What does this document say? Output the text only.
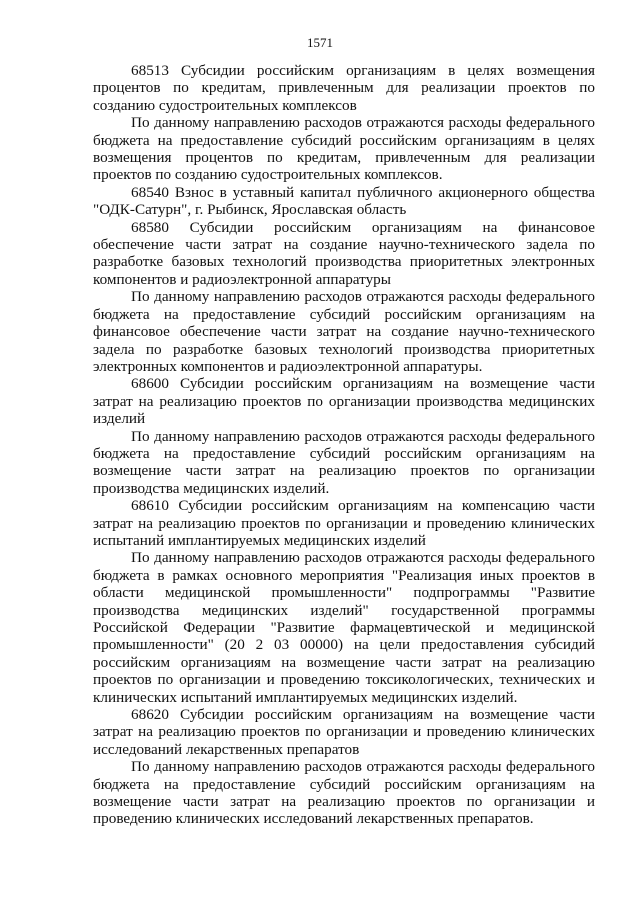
1571

68513 Субсидии российским организациям в целях возмещения процентов по кредитам, привлеченным для реализации проектов по созданию судостроительных комплексов

По данному направлению расходов отражаются расходы федерального бюджета на предоставление субсидий российским организациям в целях возмещения процентов по кредитам, привлеченным для реализации проектов по созданию судостроительных комплексов.

68540 Взнос в уставный капитал публичного акционерного общества "ОДК-Сатурн", г. Рыбинск, Ярославская область

68580 Субсидии российским организациям на финансовое обеспечение части затрат на создание научно-технического задела по разработке базовых технологий производства приоритетных электронных компонентов и радиоэлектронной аппаратуры

По данному направлению расходов отражаются расходы федерального бюджета на предоставление субсидий российским организациям на финансовое обеспечение части затрат на создание научно-технического задела по разработке базовых технологий производства приоритетных электронных компонентов и радиоэлектронной аппаратуры.

68600 Субсидии российским организациям на возмещение части затрат на реализацию проектов по организации производства медицинских изделий

По данному направлению расходов отражаются расходы федерального бюджета на предоставление субсидий российским организациям на возмещение части затрат на реализацию проектов по организации производства медицинских изделий.

68610 Субсидии российским организациям на компенсацию части затрат на реализацию проектов по организации и проведению клинических испытаний имплантируемых медицинских изделий

По данному направлению расходов отражаются расходы федерального бюджета в рамках основного мероприятия "Реализация иных проектов в области медицинской промышленности" подпрограммы "Развитие производства медицинских изделий" государственной программы Российской Федерации "Развитие фармацевтической и медицинской промышленности" (20 2 03 00000) на цели предоставления субсидий российским организациям на возмещение части затрат на реализацию проектов по организации и проведению токсикологических, технических и клинических испытаний имплантируемых медицинских изделий.

68620 Субсидии российским организациям на возмещение части затрат на реализацию проектов по организации и проведению клинических исследований лекарственных препаратов

По данному направлению расходов отражаются расходы федерального бюджета на предоставление субсидий российским организациям на возмещение части затрат на реализацию проектов по организации и проведению клинических исследований лекарственных препаратов.
